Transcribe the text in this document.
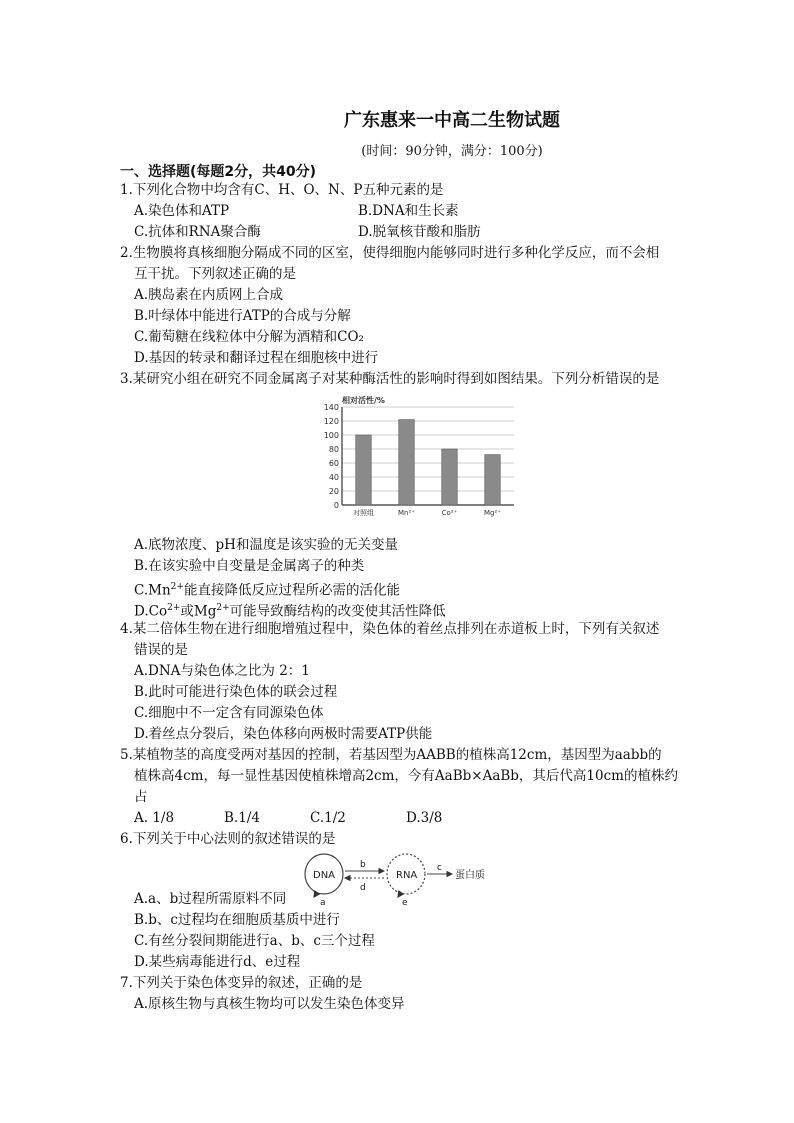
广东惠来一中高二生物试题
(时间：90分钟，满分：100分)
一、选择题(每题2分，共40分)
1.下列化合物中均含有C、H、O、N、P五种元素的是
A.染色体和ATP	B.DNA和生长素
C.抗体和RNA聚合酶	D.脱氧核苷酸和脂肪
2.生物膜将真核细胞分隔成不同的区室，使得细胞内能够同时进行多种化学反应，而不会相
互干扰。下列叙述正确的是
A.胰岛素在内质网上合成
B.叶绿体中能进行ATP的合成与分解
C.葡萄糖在线粒体中分解为酒精和CO₂
D.基因的转录和翻译过程在细胞核中进行
3.某研究小组在研究不同金属离子对某种酶活性的影响时得到如图结果。下列分析错误的是
相对活性/%
0
20
40
60
80
100
120
140
对照组	Mn²⁺	Co²⁺	Mg²⁺
A.底物浓度、pH和温度是该实验的无关变量
B.在该实验中自变量是金属离子的种类
$C.Mn^{2+}$能直接降低反应过程所必需的活化能
$D.Co^{2+}$或$Mg^{2+}$可能导致酶结构的改变使其活性降低
4.某二倍体生物在进行细胞增殖过程中，染色体的着丝点排列在赤道板上时，下列有关叙述
错误的是
A.DNA与染色体之比为 2：1
B.此时可能进行染色体的联会过程
C.细胞中不一定含有同源染色体
D.着丝点分裂后，染色体移向两极时需要ATP供能
5.某植物茎的高度受两对基因的控制，若基因型为AABB的植株高12cm，基因型为aabb的
植株高4cm，每一显性基因使植株增高2cm，今有AaBb×AaBb，其后代高10cm的植株约
占
A. 1/8	B.1/4	C.1/2	D.3/8
6.下列关于中心法则的叙述错误的是
DNA
a
b
d
RNA
e
c
蛋白质
A.a、b过程所需原料不同
B.b、c过程均在细胞质基质中进行
C.有丝分裂间期能进行a、b、c三个过程
D.某些病毒能进行d、e过程
7.下列关于染色体变异的叙述，正确的是
A.原核生物与真核生物均可以发生染色体变异
